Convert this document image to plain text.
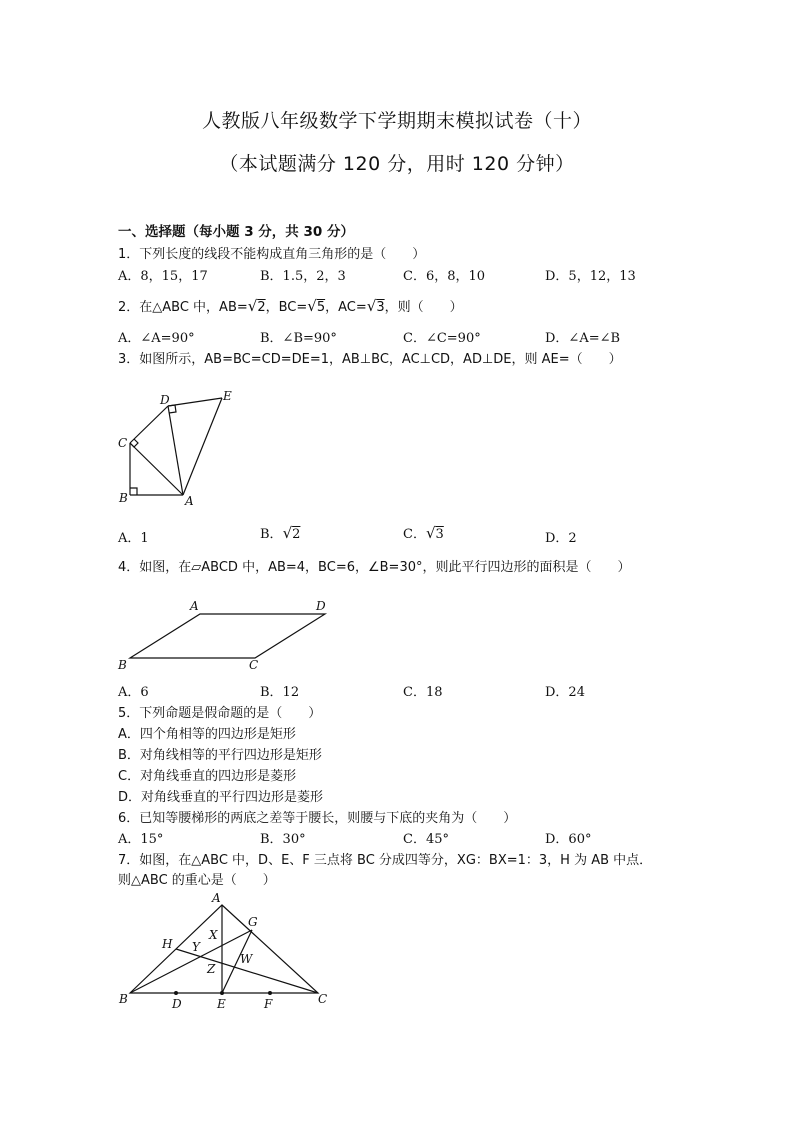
人教版八年级数学下学期期末模拟试卷（十）
（本试题满分 120 分，用时 120 分钟）
一、选择题（每小题 3 分，共 30 分）
1．下列长度的线段不能构成直角三角形的是（　　）
A．8，15，17	B．1.5，2，3	C．6，8，10	D．5，12，13
2．在△ABC 中，AB=√2，BC=√5，AC=√3，则（　　）
A．∠A=90°	B．∠B=90°	C．∠C=90°	D．∠A=∠B
3．如图所示，AB=BC=CD=DE=1，AB⊥BC，AC⊥CD，AD⊥DE，则 AE=（　　）
A
B
C
D	E
A
B	C
D
A
B	C
D	E	F
G
H
X
Y
Z
W
A．1	B．√2	C．√3	D．2
4．如图，在▱ABCD 中，AB=4，BC=6，∠B=30°，则此平行四边形的面积是（　　）
A．6	B．12	C．18	D．24
5．下列命题是假命题的是（　　）
A．四个角相等的四边形是矩形
B．对角线相等的平行四边形是矩形
C．对角线垂直的四边形是菱形
D．对角线垂直的平行四边形是菱形
6．已知等腰梯形的两底之差等于腰长，则腰与下底的夹角为（　　）
A．15°	B．30°	C．45°	D．60°
7．如图，在△ABC 中，D、E、F 三点将 BC 分成四等分，XG：BX=1：3，H 为 AB 中点．
则△ABC 的重心是（　　）
